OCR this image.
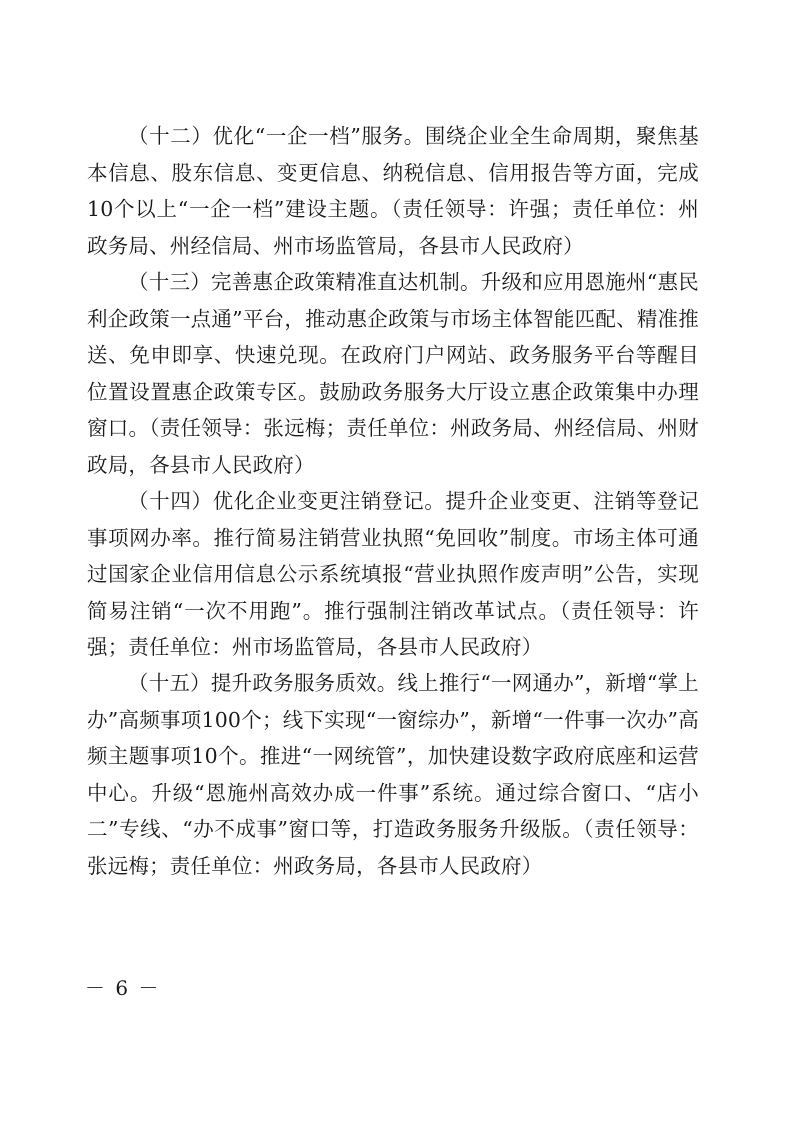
（十二）优化“一企一档”服务。围绕企业全生命周期，聚焦基本信息、股东信息、变更信息、纳税信息、信用报告等方面，完成10个以上“一企一档”建设主题。（责任领导：许强；责任单位：州政务局、州经信局、州市场监管局，各县市人民政府）

（十三）完善惠企政策精准直达机制。升级和应用恩施州“惠民利企政策一点通”平台，推动惠企政策与市场主体智能匹配、精准推送、免申即享、快速兑现。在政府门户网站、政务服务平台等醒目位置设置惠企政策专区。鼓励政务服务大厅设立惠企政策集中办理窗口。（责任领导：张远梅；责任单位：州政务局、州经信局、州财政局，各县市人民政府）

（十四）优化企业变更注销登记。提升企业变更、注销等登记事项网办率。推行简易注销营业执照“免回收”制度。市场主体可通过国家企业信用信息公示系统填报“营业执照作废声明”公告，实现简易注销“一次不用跑”。推行强制注销改革试点。（责任领导：许强；责任单位：州市场监管局，各县市人民政府）

（十五）提升政务服务质效。线上推行“一网通办”，新增“掌上办”高频事项100个；线下实现“一窗综办”，新增“一件事一次办”高频主题事项10个。推进“一网统管”，加快建设数字政府底座和运营中心。升级“恩施州高效办成一件事”系统。通过综合窗口、“店小二”专线、“办不成事”窗口等，打造政务服务升级版。（责任领导：张远梅；责任单位：州政务局，各县市人民政府）

－ 6 －
